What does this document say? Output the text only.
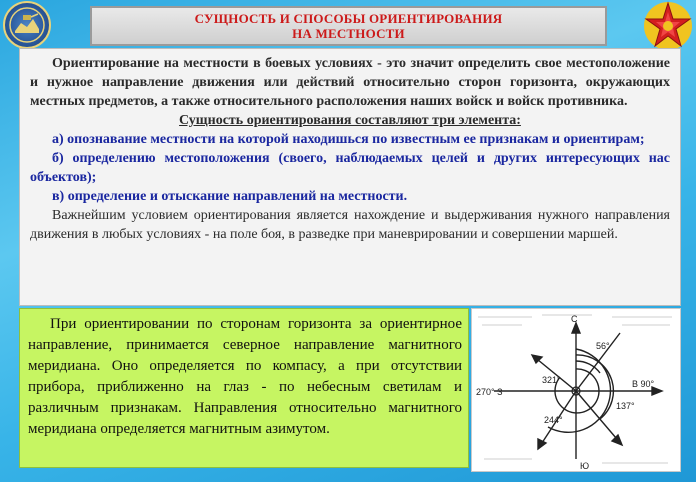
СУЩНОСТЬ И СПОСОБЫ ОРИЕНТИРОВАНИЯ
НА МЕСТНОСТИ

Ориентирование на местности в боевых условиях - это значит определить свое местоположение и нужное направление движения или действий относительно сторон горизонта, окружающих местных предметов, а также относительного расположения наших войск и войск противника.

Сущность ориентирования составляют три элемента:

а) опознавание местности на которой находишься по известным ее признакам и ориентирам;

б) определению местоположения (своего, наблюдаемых целей и других интересующих нас объектов);

в) определение и отыскание направлений на местности.

Важнейшим условием ориентирования является нахождение и выдерживания нужного направления движения в любых условиях - на поле боя, в разведке при маневрировании и совершении маршей.

При ориентировании по сторонам горизонта за ориентирное направление, принимается северное направление магнитного меридиана. Оно определяется по компасу, а при отсутствии прибора, приближенно на глаз - по небесным светилам и различным признакам. Направления относительно магнитного меридиана определяется магнитным азимутом.

С
В 90°
270° З
Ю
56°
321°
137°
244°
